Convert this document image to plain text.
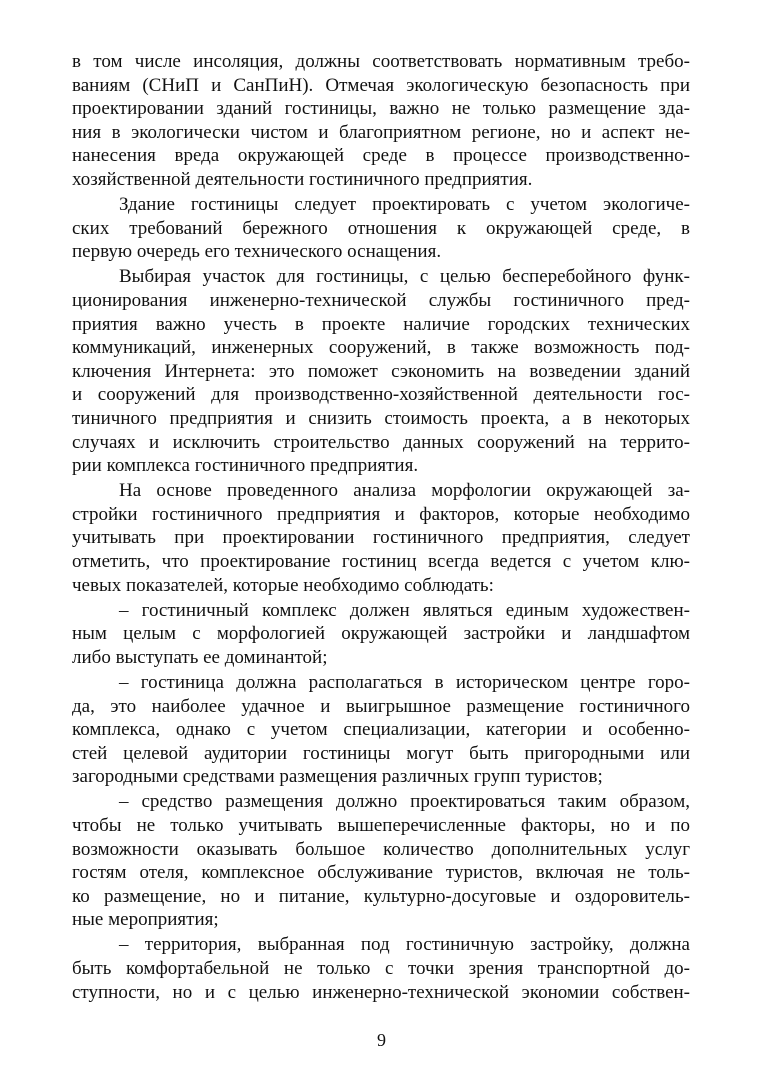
в том числе инсоляция, должны соответствовать нормативным требо-
ваниям (СНиП и СанПиН). Отмечая экологическую безопасность при
проектировании зданий гостиницы, важно не только размещение зда-
ния в экологически чистом и благоприятном регионе, но и аспект не-
нанесения вреда окружающей среде в процессе производственно-
хозяйственной деятельности гостиничного предприятия.
Здание гостиницы следует проектировать с учетом экологиче-
ских требований бережного отношения к окружающей среде, в
первую очередь его технического оснащения.
Выбирая участок для гостиницы, с целью бесперебойного функ-
ционирования инженерно-технической службы гостиничного пред-
приятия важно учесть в проекте наличие городских технических
коммуникаций, инженерных сооружений, в также возможность под-
ключения Интернета: это поможет сэкономить на возведении зданий
и сооружений для производственно-хозяйственной деятельности гос-
тиничного предприятия и снизить стоимость проекта, а в некоторых
случаях и исключить строительство данных сооружений на террито-
рии комплекса гостиничного предприятия.
На основе проведенного анализа морфологии окружающей за-
стройки гостиничного предприятия и факторов, которые необходимо
учитывать при проектировании гостиничного предприятия, следует
отметить, что проектирование гостиниц всегда ведется с учетом клю-
чевых показателей, которые необходимо соблюдать:
– гостиничный комплекс должен являться единым художествен-
ным целым с морфологией окружающей застройки и ландшафтом
либо выступать ее доминантой;
– гостиница должна располагаться в историческом центре горо-
да, это наиболее удачное и выигрышное размещение гостиничного
комплекса, однако с учетом специализации, категории и особенно-
стей целевой аудитории гостиницы могут быть пригородными или
загородными средствами размещения различных групп туристов;
– средство размещения должно проектироваться таким образом,
чтобы не только учитывать вышеперечисленные факторы, но и по
возможности оказывать большое количество дополнительных услуг
гостям отеля, комплексное обслуживание туристов, включая не толь-
ко размещение, но и питание, культурно-досуговые и оздоровитель-
ные мероприятия;
– территория, выбранная под гостиничную застройку, должна
быть комфортабельной не только с точки зрения транспортной до-
ступности, но и с целью инженерно-технической экономии собствен-
9
